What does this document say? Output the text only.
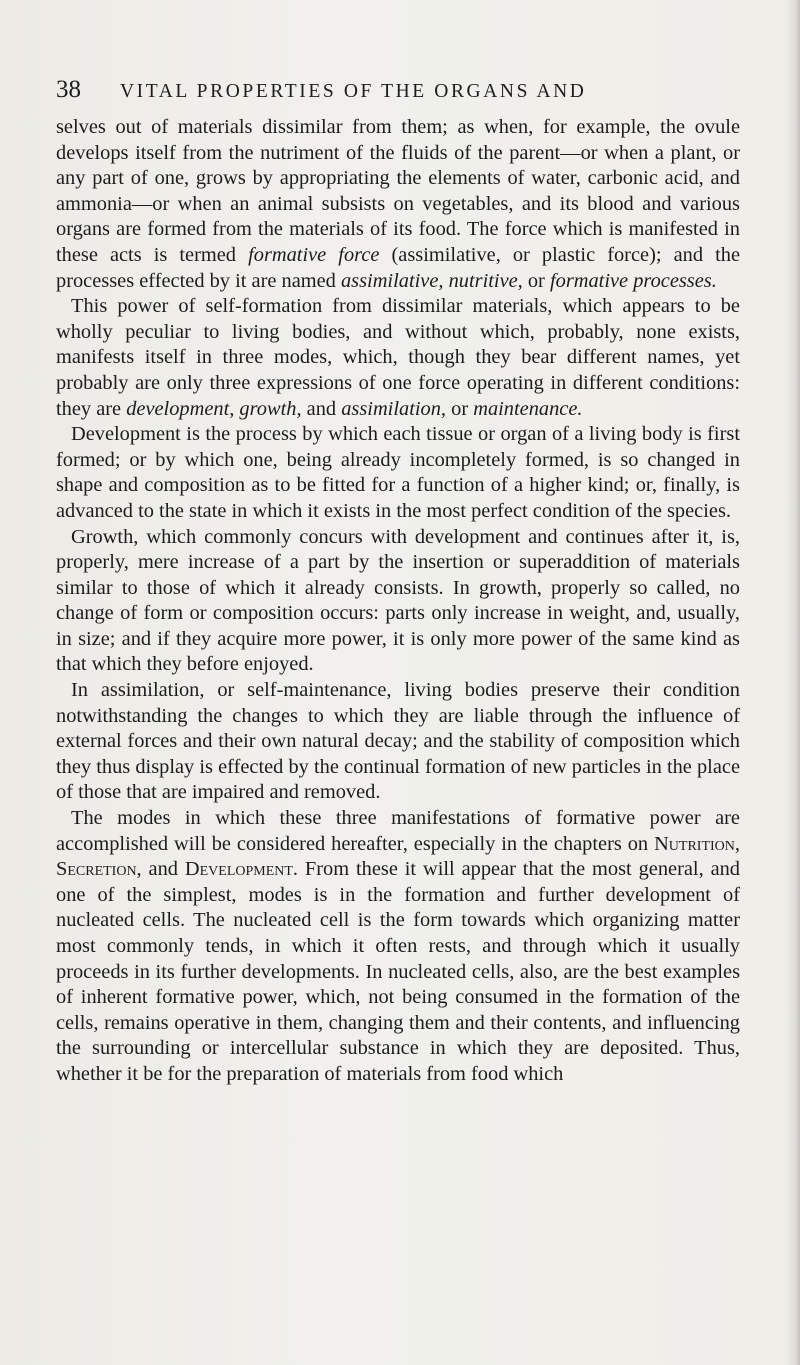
38 VITAL PROPERTIES OF THE ORGANS AND

selves out of materials dissimilar from them; as when, for example, the ovule develops itself from the nutriment of the fluids of the parent—or when a plant, or any part of one, grows by appropriating the elements of water, carbonic acid, and ammonia—or when an animal subsists on vegetables, and its blood and various organs are formed from the materials of its food. The force which is manifested in these acts is termed formative force (assimilative, or plastic force); and the processes effected by it are named assimilative, nutritive, or formative processes.

This power of self-formation from dissimilar materials, which appears to be wholly peculiar to living bodies, and without which, probably, none exists, manifests itself in three modes, which, though they bear different names, yet probably are only three expressions of one force operating in different conditions: they are development, growth, and assimilation, or maintenance.

Development is the process by which each tissue or organ of a living body is first formed; or by which one, being already incompletely formed, is so changed in shape and composition as to be fitted for a function of a higher kind; or, finally, is advanced to the state in which it exists in the most perfect condition of the species.

Growth, which commonly concurs with development and continues after it, is, properly, mere increase of a part by the insertion or superaddition of materials similar to those of which it already consists. In growth, properly so called, no change of form or composition occurs: parts only increase in weight, and, usually, in size; and if they acquire more power, it is only more power of the same kind as that which they before enjoyed.

In assimilation, or self-maintenance, living bodies preserve their condition notwithstanding the changes to which they are liable through the influence of external forces and their own natural decay; and the stability of composition which they thus display is effected by the continual formation of new particles in the place of those that are impaired and removed.

The modes in which these three manifestations of formative power are accomplished will be considered hereafter, especially in the chapters on Nutrition, Secretion, and Development. From these it will appear that the most general, and one of the simplest, modes is in the formation and further development of nucleated cells. The nucleated cell is the form towards which organizing matter most commonly tends, in which it often rests, and through which it usually proceeds in its further developments. In nucleated cells, also, are the best examples of inherent formative power, which, not being consumed in the formation of the cells, remains operative in them, changing them and their contents, and influencing the surrounding or intercellular substance in which they are deposited. Thus, whether it be for the preparation of materials from food which
